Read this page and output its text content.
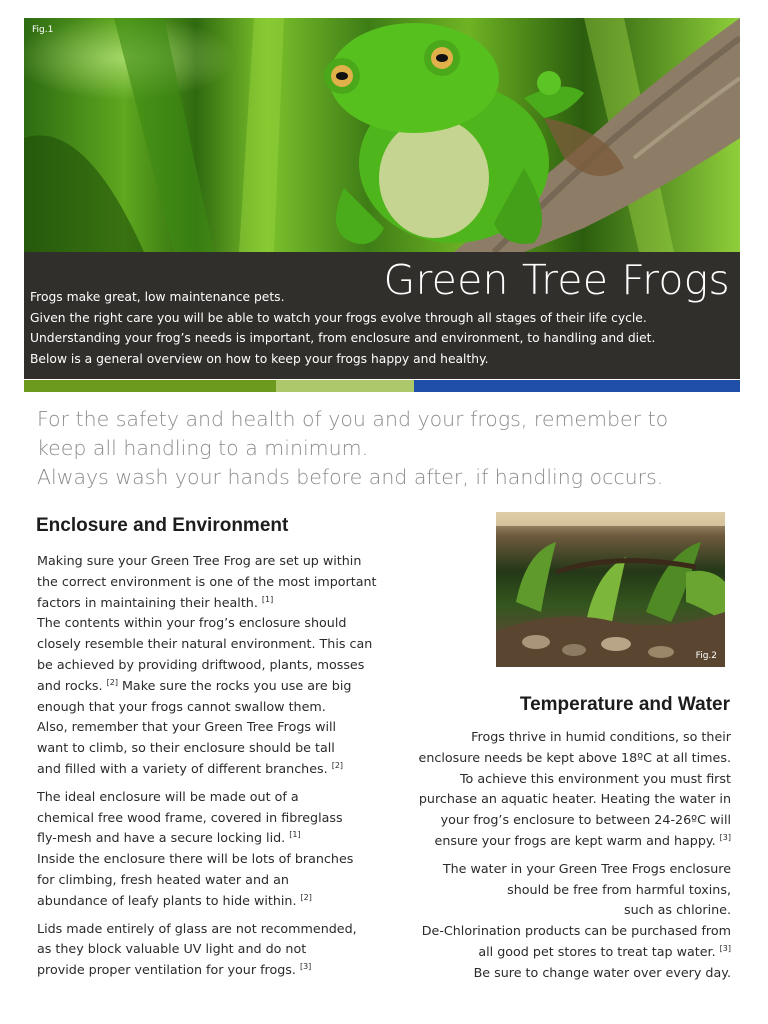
Fig.1
Green Tree Frogs

Frogs make great, low maintenance pets.

Given the right care you will be able to watch your frogs evolve through all stages of their life cycle.

Understanding your frog’s needs is important, from enclosure and environment, to handling and diet.

Below is a general overview on how to keep your frogs happy and healthy.

For the safety and health of you and your frogs, remember to

keep all handling to a minimum.

Always wash your hands before and after, if handling occurs.

Enclosure and Environment

Making sure your Green Tree Frog are set up within

the correct environment is one of the most important

factors in maintaining their health. [1]

The contents within your frog’s enclosure should

closely resemble their natural environment. This can

be achieved by providing driftwood, plants, mosses

and rocks. [2] Make sure the rocks you use are big

enough that your frogs cannot swallow them.

Also, remember that your Green Tree Frogs will

want to climb, so their enclosure should be tall

and filled with a variety of different branches. [2]

The ideal enclosure will be made out of a

chemical free wood frame, covered in fibreglass

fly-mesh and have a secure locking lid. [1]

Inside the enclosure there will be lots of branches

for climbing, fresh heated water and an

abundance of leafy plants to hide within. [2]

Lids made entirely of glass are not recommended,

as they block valuable UV light and do not

provide proper ventilation for your frogs. [3]

Fig.2
Temperature and Water

Frogs thrive in humid conditions, so their

enclosure needs be kept above 18ºC at all times.

To achieve this environment you must first

purchase an aquatic heater. Heating the water in

your frog’s enclosure to between 24-26ºC will

ensure your frogs are kept warm and happy. [3]

The water in your Green Tree Frogs enclosure

should be free from harmful toxins,

such as chlorine.

De-Chlorination products can be purchased from

all good pet stores to treat tap water. [3]

Be sure to change water over every day.
